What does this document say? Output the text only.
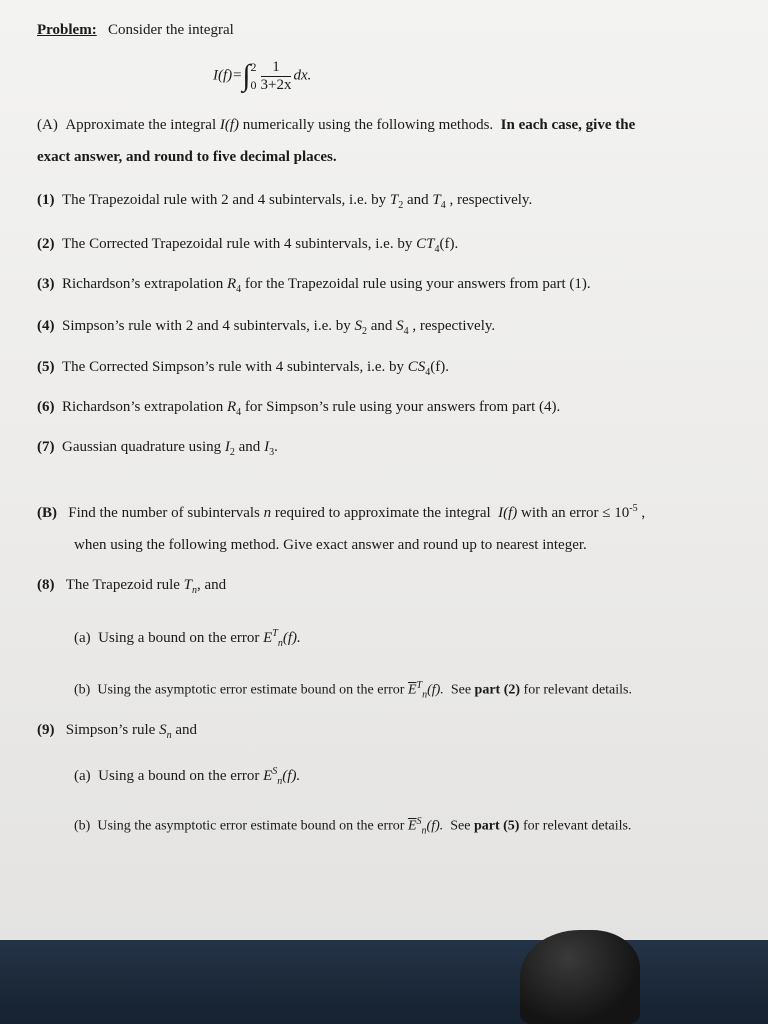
Problem: Consider the integral
I(f)=∫ 2
$0 \frac{1}{3+2x}$ dx.
(A) Approximate the integral I(f) numerically using the following methods. In each case, give the
exact answer, and round to five decimal places.
(1) The Trapezoidal rule with 2 and 4 subintervals, i.e. by $T_2$ and $T_4$ , respectively.
(2) The Corrected Trapezoidal rule with 4 subintervals, i.e. by $CT_4(f)$.
(3) Richardson’s extrapolation $R_4$ for the Trapezoidal rule using your answers from part (1).
(4) Simpson’s rule with 2 and 4 subintervals, i.e. by $S_2$ and $S_4$ , respectively.
(5) The Corrected Simpson’s rule with 4 subintervals, i.e. by $CS_4(f)$.
(6) Richardson’s extrapolation $R_4$ for Simpson’s rule using your answers from part (4).
(7) Gaussian quadrature using $I_2$ and $I_3$.
(B) Find the number of subintervals n required to approximate the integral I(f) with an error ≤ $10^{-5}$ ,
when using the following method. Give exact answer and round up to nearest integer.
(8) The Trapezoid rule $T_n$, and
(a) Using a bound on the error $E^T_n(f)$.
(b) Using the asymptotic error estimate bound on the error $\overline{E}^T_n(f)$. See part (2) for relevant details.
(9) Simpson’s rule $S_n$ and
(a) Using a bound on the error $E^S_n(f)$.
(b) Using the asymptotic error estimate bound on the error $\overline{E}^S_n(f)$. See part (5) for relevant details.
